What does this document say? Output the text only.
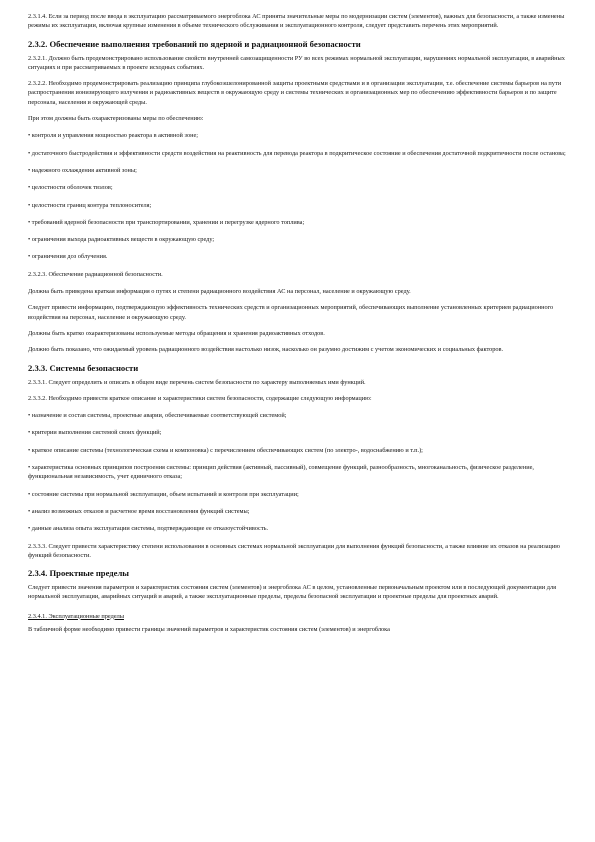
2.3.1.4. Если за период после ввода в эксплуатацию рассматриваемого энергоблока АС приняты значительные меры по модернизации систем (элементов), важных для безопасности, а также изменены режимы их эксплуатации, включая крупные изменения в объеме технического обслуживания и эксплуатационного контроля, следует представить перечень этих мероприятий.

2.3.2. Обеспечение выполнения требований по ядерной и радиационной безопасности

2.3.2.1. Должно быть продемонстрировано использование свойств внутренней самозащищенности РУ во всех режимах нормальной эксплуатации, нарушениях нормальной эксплуатации, в аварийных ситуациях и при рассматриваемых в проекте исходных событиях.

2.3.2.2. Необходимо продемонстрировать реализацию принципа глубокоэшелонированной защиты проектными средствами и в организации эксплуатации, т.е. обеспечение системы барьеров на пути распространения ионизирующего излучения и радиоактивных веществ в окружающую среду и системы технических и организационных мер по обеспечению эффективности барьеров и по защите персонала, населения и окружающей среды.

При этом должны быть охарактеризованы меры по обеспечению:

• контроля и управления мощностью реактора в активной зоне;

• достаточного быстродействия и эффективности средств воздействия на реактивность для перевода реактора в подкритическое состояние и обеспечения достаточной подкритичности после останова;

• надежного охлаждения активной зоны;

• целостности оболочек твэлов;

• целостности границ контура теплоносителя;

• требований ядерной безопасности при транспортировании, хранении и перегрузке ядерного топлива;

• ограничения выхода радиоактивных веществ в окружающую среду;

• ограничения доз облучения.

2.3.2.3. Обеспечение радиационной безопасности.

Должна быть приведена краткая информация о путях и степени радиационного воздействия АС на персонал, население и окружающую среду.

Следует привести информацию, подтверждающую эффективность технических средств и организационных мероприятий, обеспечивающих выполнение установленных критериев радиационного воздействия на персонал, население и окружающую среду.

Должны быть кратко охарактеризованы используемые методы обращения и хранения радиоактивных отходов.

Должно быть показано, что ожидаемый уровень радиационного воздействия настолько низок, насколько он разумно достижим с учетом экономических и социальных факторов.

2.3.3. Системы безопасности

2.3.3.1. Следует определить и описать в общем виде перечень систем безопасности по характеру выполняемых ими функций.

2.3.3.2. Необходимо привести краткое описание и характеристики систем безопасности, содержащие следующую информацию:

• назначение и состав системы, проектные аварии, обеспечиваемые соответствующей системой;

• критерии выполнения системой своих функций;

• краткое описание системы (технологическая схема и компоновка) с перечислением обеспечивающих систем (по электро-, водоснабжению и т.п.);

• характеристика основных принципов построения системы: принцип действия (активный, пассивный), совмещение функций, разнообразность, многоканальность, физическое разделение, функциональная независимость, учет единичного отказа;

• состояние системы при нормальной эксплуатации, объем испытаний и контроля при эксплуатации;

• анализ возможных отказов и расчетное время восстановления функций системы;

• данные анализа опыта эксплуатации системы, подтверждающие ее отказоустойчивость.

2.3.3.3. Следует привести характеристику степени использования в основных системах нормальной эксплуатации для выполнения функций безопасности, а также влияние их отказов на реализацию функций безопасности.

2.3.4. Проектные пределы

Следует привести значения параметров и характеристик состояния систем (элементов) и энергоблока АС в целом, установленные первоначальным проектом или в последующей документации для нормальной эксплуатации, аварийных ситуаций и аварий, а также эксплуатационные пределы, пределы безопасной эксплуатации и проектные пределы для проектных аварий.

2.3.4.1. Эксплуатационные пределы

В табличной форме необходимо привести границы значений параметров и характеристик состояния систем (элементов) и энергоблока
